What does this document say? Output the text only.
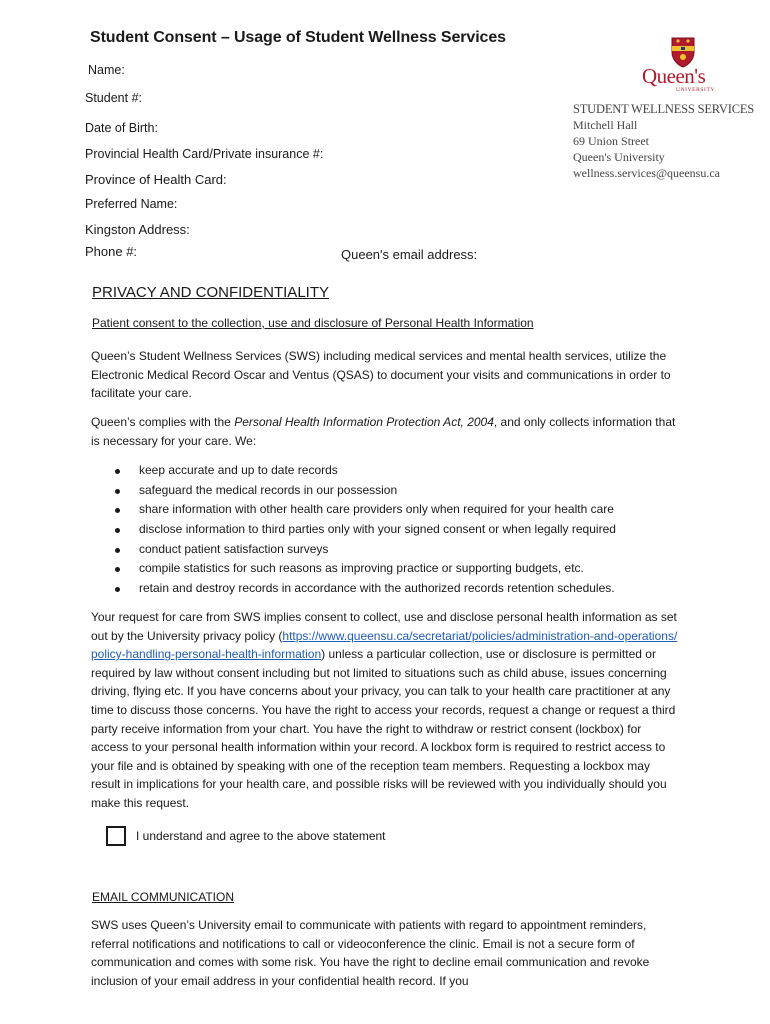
Student Consent – Usage of Student Wellness Services
Name:
Student #:
Date of Birth:
Provincial Health Card/Private insurance #:
Province of Health Card:
Preferred Name:
Kingston Address:
Phone #:	Queen's email address:
Queen's
UNIVERSITY
STUDENT WELLNESS SERVICES
Mitchell Hall
69 Union Street
Queen's University
wellness.services@queensu.ca
PRIVACY AND CONFIDENTIALITY
Patient consent to the collection, use and disclosure of Personal Health Information
Queen’s Student Wellness Services (SWS) including medical services and mental health services, utilize the Electronic Medical Record Oscar and Ventus (QSAS) to document your visits and communications in order to facilitate your care.
Queen’s complies with the Personal Health Information Protection Act, 2004, and only collects information that is necessary for your care. We:
keep accurate and up to date records
safeguard the medical records in our possession
share information with other health care providers only when required for your health care
disclose information to third parties only with your signed consent or when legally required
conduct patient satisfaction surveys
compile statistics for such reasons as improving practice or supporting budgets, etc.
retain and destroy records in accordance with the authorized records retention schedules.
Your request for care from SWS implies consent to collect, use and disclose personal health information as set out by the University privacy policy (https://www.queensu.ca/secretariat/policies/administration-and-operations/policy-handling-personal-health-information) unless a particular collection, use or disclosure is permitted or required by law without consent including but not limited to situations such as child abuse, issues concerning driving, flying etc. If you have concerns about your privacy, you can talk to your health care practitioner at any time to discuss those concerns. You have the right to access your records, request a change or request a third party receive information from your chart. You have the right to withdraw or restrict consent (lockbox) for access to your personal health information within your record. A lockbox form is required to restrict access to your file and is obtained by speaking with one of the reception team members. Requesting a lockbox may result in implications for your health care, and possible risks will be reviewed with you individually should you make this request.
I understand and agree to the above statement
EMAIL COMMUNICATION
SWS uses Queen’s University email to communicate with patients with regard to appointment reminders, referral notifications and notifications to call or videoconference the clinic. Email is not a secure form of communication and comes with some risk. You have the right to decline email communication and revoke inclusion of your email address in your confidential health record. If you
